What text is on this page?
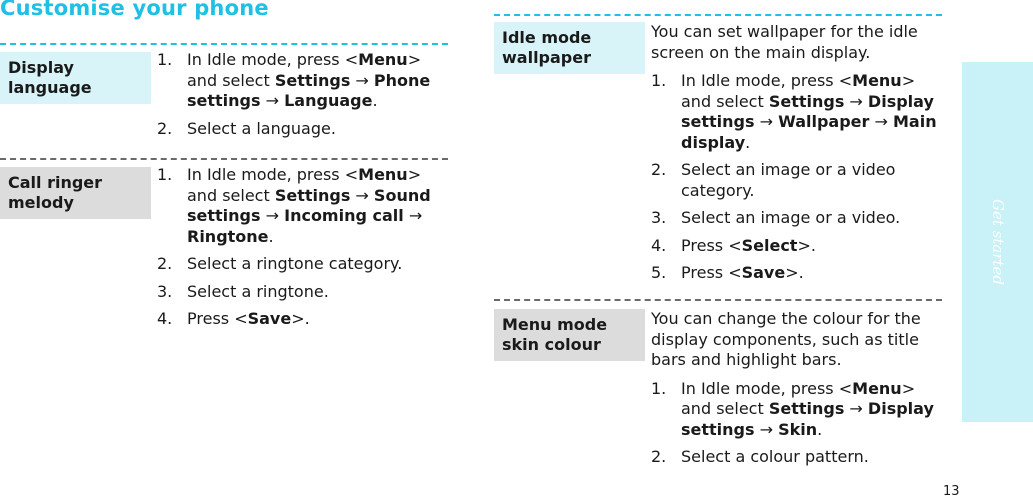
Customise your phone
Display language
1. In Idle mode, press <Menu> and select Settings → Phone settings → Language.
2. Select a language.
Call ringer melody
1. In Idle mode, press <Menu> and select Settings → Sound settings → Incoming call → Ringtone.
2. Select a ringtone category.
3. Select a ringtone.
4. Press <Save>.
Idle mode wallpaper

You can set wallpaper for the idle screen on the main display.

1. In Idle mode, press <Menu> and select Settings → Display settings → Wallpaper → Main display.
2. Select an image or a video category.
3. Select an image or a video.
4. Press <Select>.
5. Press <Save>.
Menu mode skin colour

You can change the colour for the display components, such as title bars and highlight bars.

1. In Idle mode, press <Menu> and select Settings → Display settings → Skin.
2. Select a colour pattern.
Get started
13
